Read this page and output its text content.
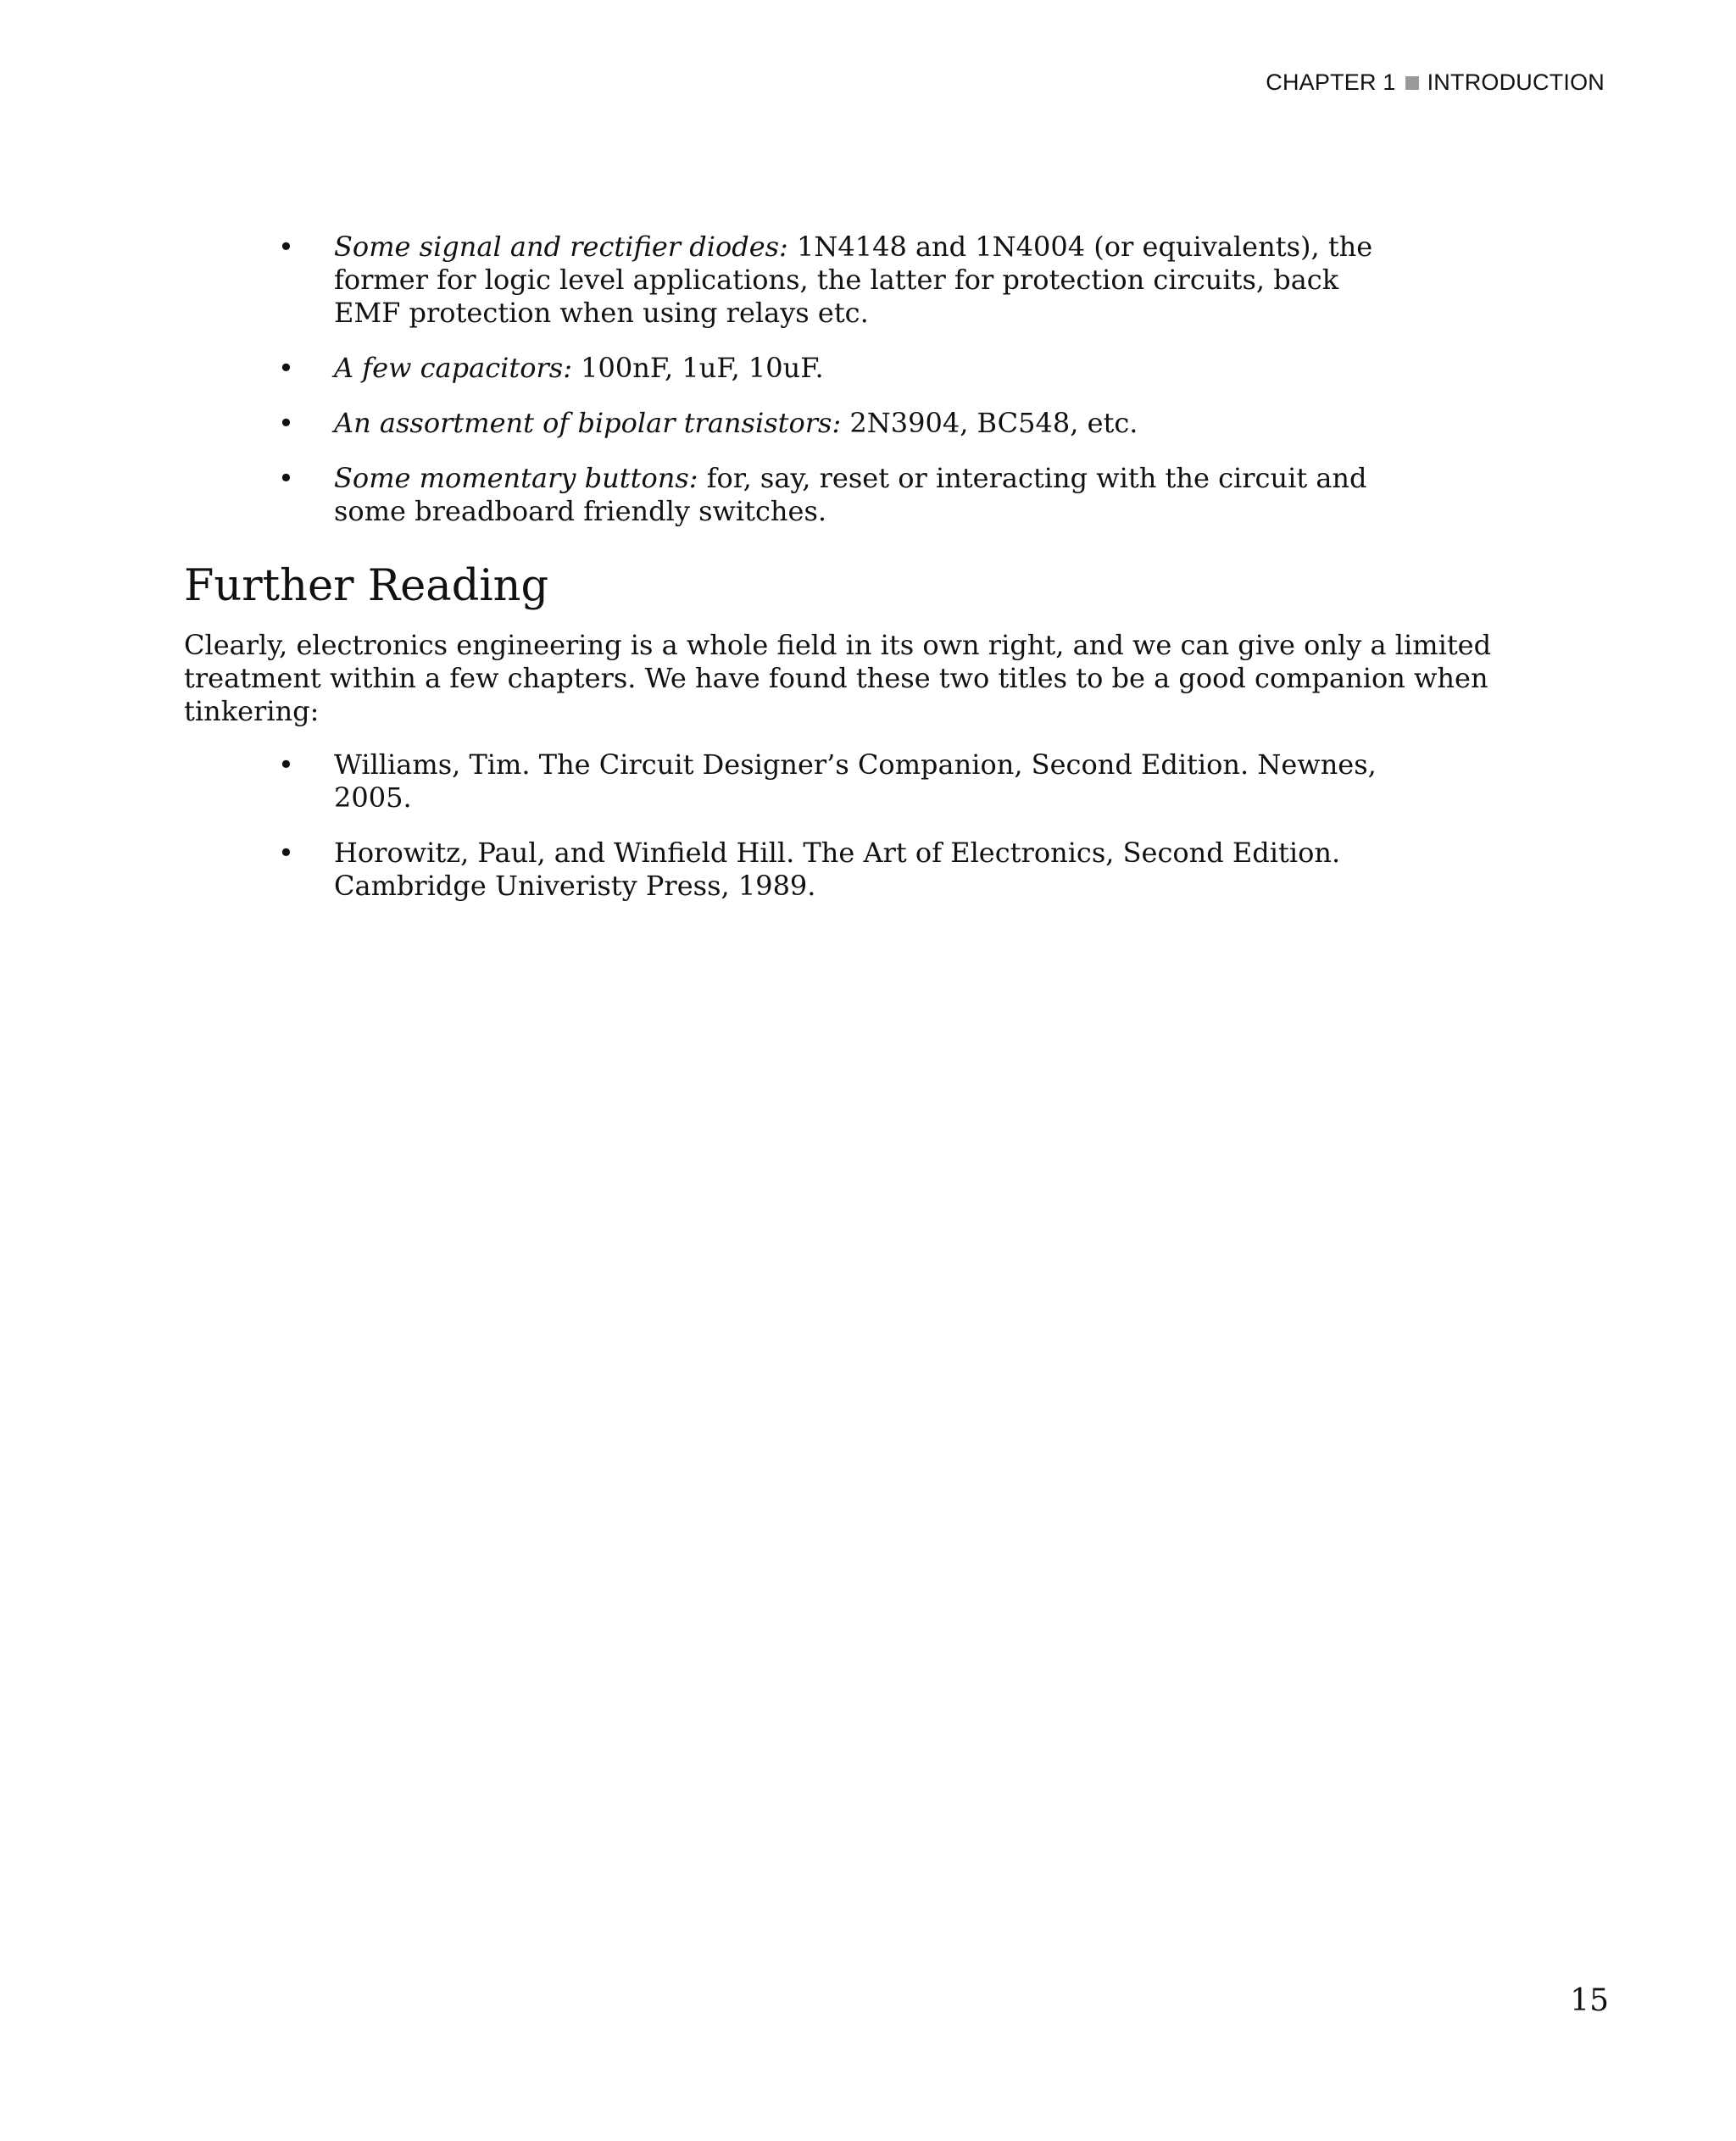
CHAPTER 1 INTRODUCTION
• Some signal and rectifier diodes: 1N4148 and 1N4004 (or equivalents), the former for logic level applications, the latter for protection circuits, back EMF protection when using relays etc.
• A few capacitors: 100nF, 1uF, 10uF.
• An assortment of bipolar transistors: 2N3904, BC548, etc.
• Some momentary buttons: for, say, reset or interacting with the circuit and some breadboard friendly switches.
Further Reading

Clearly, electronics engineering is a whole field in its own right, and we can give only a limited treatment within a few chapters. We have found these two titles to be a good companion when tinkering:

• Williams, Tim. The Circuit Designer’s Companion, Second Edition. Newnes, 2005.
• Horowitz, Paul, and Winfield Hill. The Art of Electronics, Second Edition. Cambridge Univeristy Press, 1989.
15
